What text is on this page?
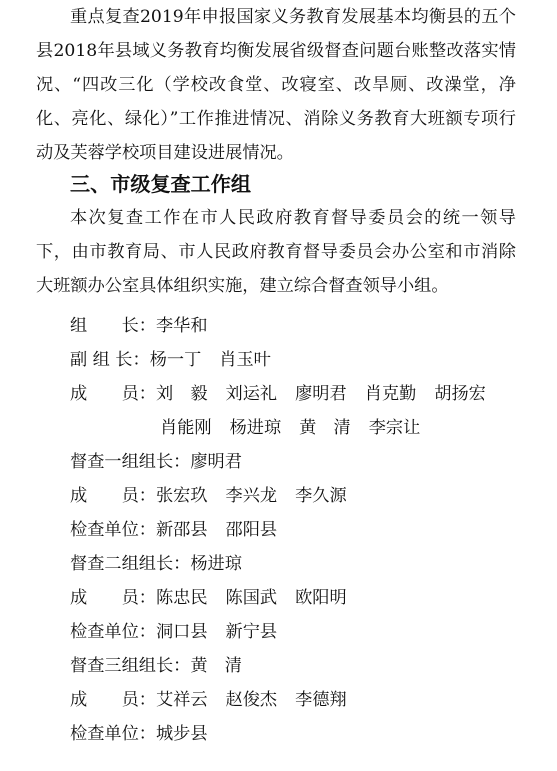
重点复查2019年申报国家义务教育发展基本均衡县的五个县2018年县域义务教育均衡发展省级督查问题台账整改落实情况、“四改三化（学校改食堂、改寝室、改旱厕、改澡堂，净化、亮化、绿化）”工作推进情况、消除义务教育大班额专项行动及芙蓉学校项目建设进展情况。

三、市级复查工作组

本次复查工作在市人民政府教育督导委员会的统一领导下，由市教育局、市人民政府教育督导委员会办公室和市消除大班额办公室具体组织实施，建立综合督查领导小组。

组　　长：李华和
副 组 长：杨一丁 肖玉叶
成　　员：刘　毅 刘运礼 廖明君 肖克勤 胡扬宏
肖能刚 杨进琼 黄　清 李宗让
督查一组组长：廖明君
成　　员：张宏玖 李兴龙 李久源
检查单位：新邵县 邵阳县
督查二组组长：杨进琼
成　　员：陈忠民 陈国武 欧阳明
检查单位：洞口县 新宁县
督查三组组长：黄　清
成　　员：艾祥云 赵俊杰 李德翔
检查单位：城步县
